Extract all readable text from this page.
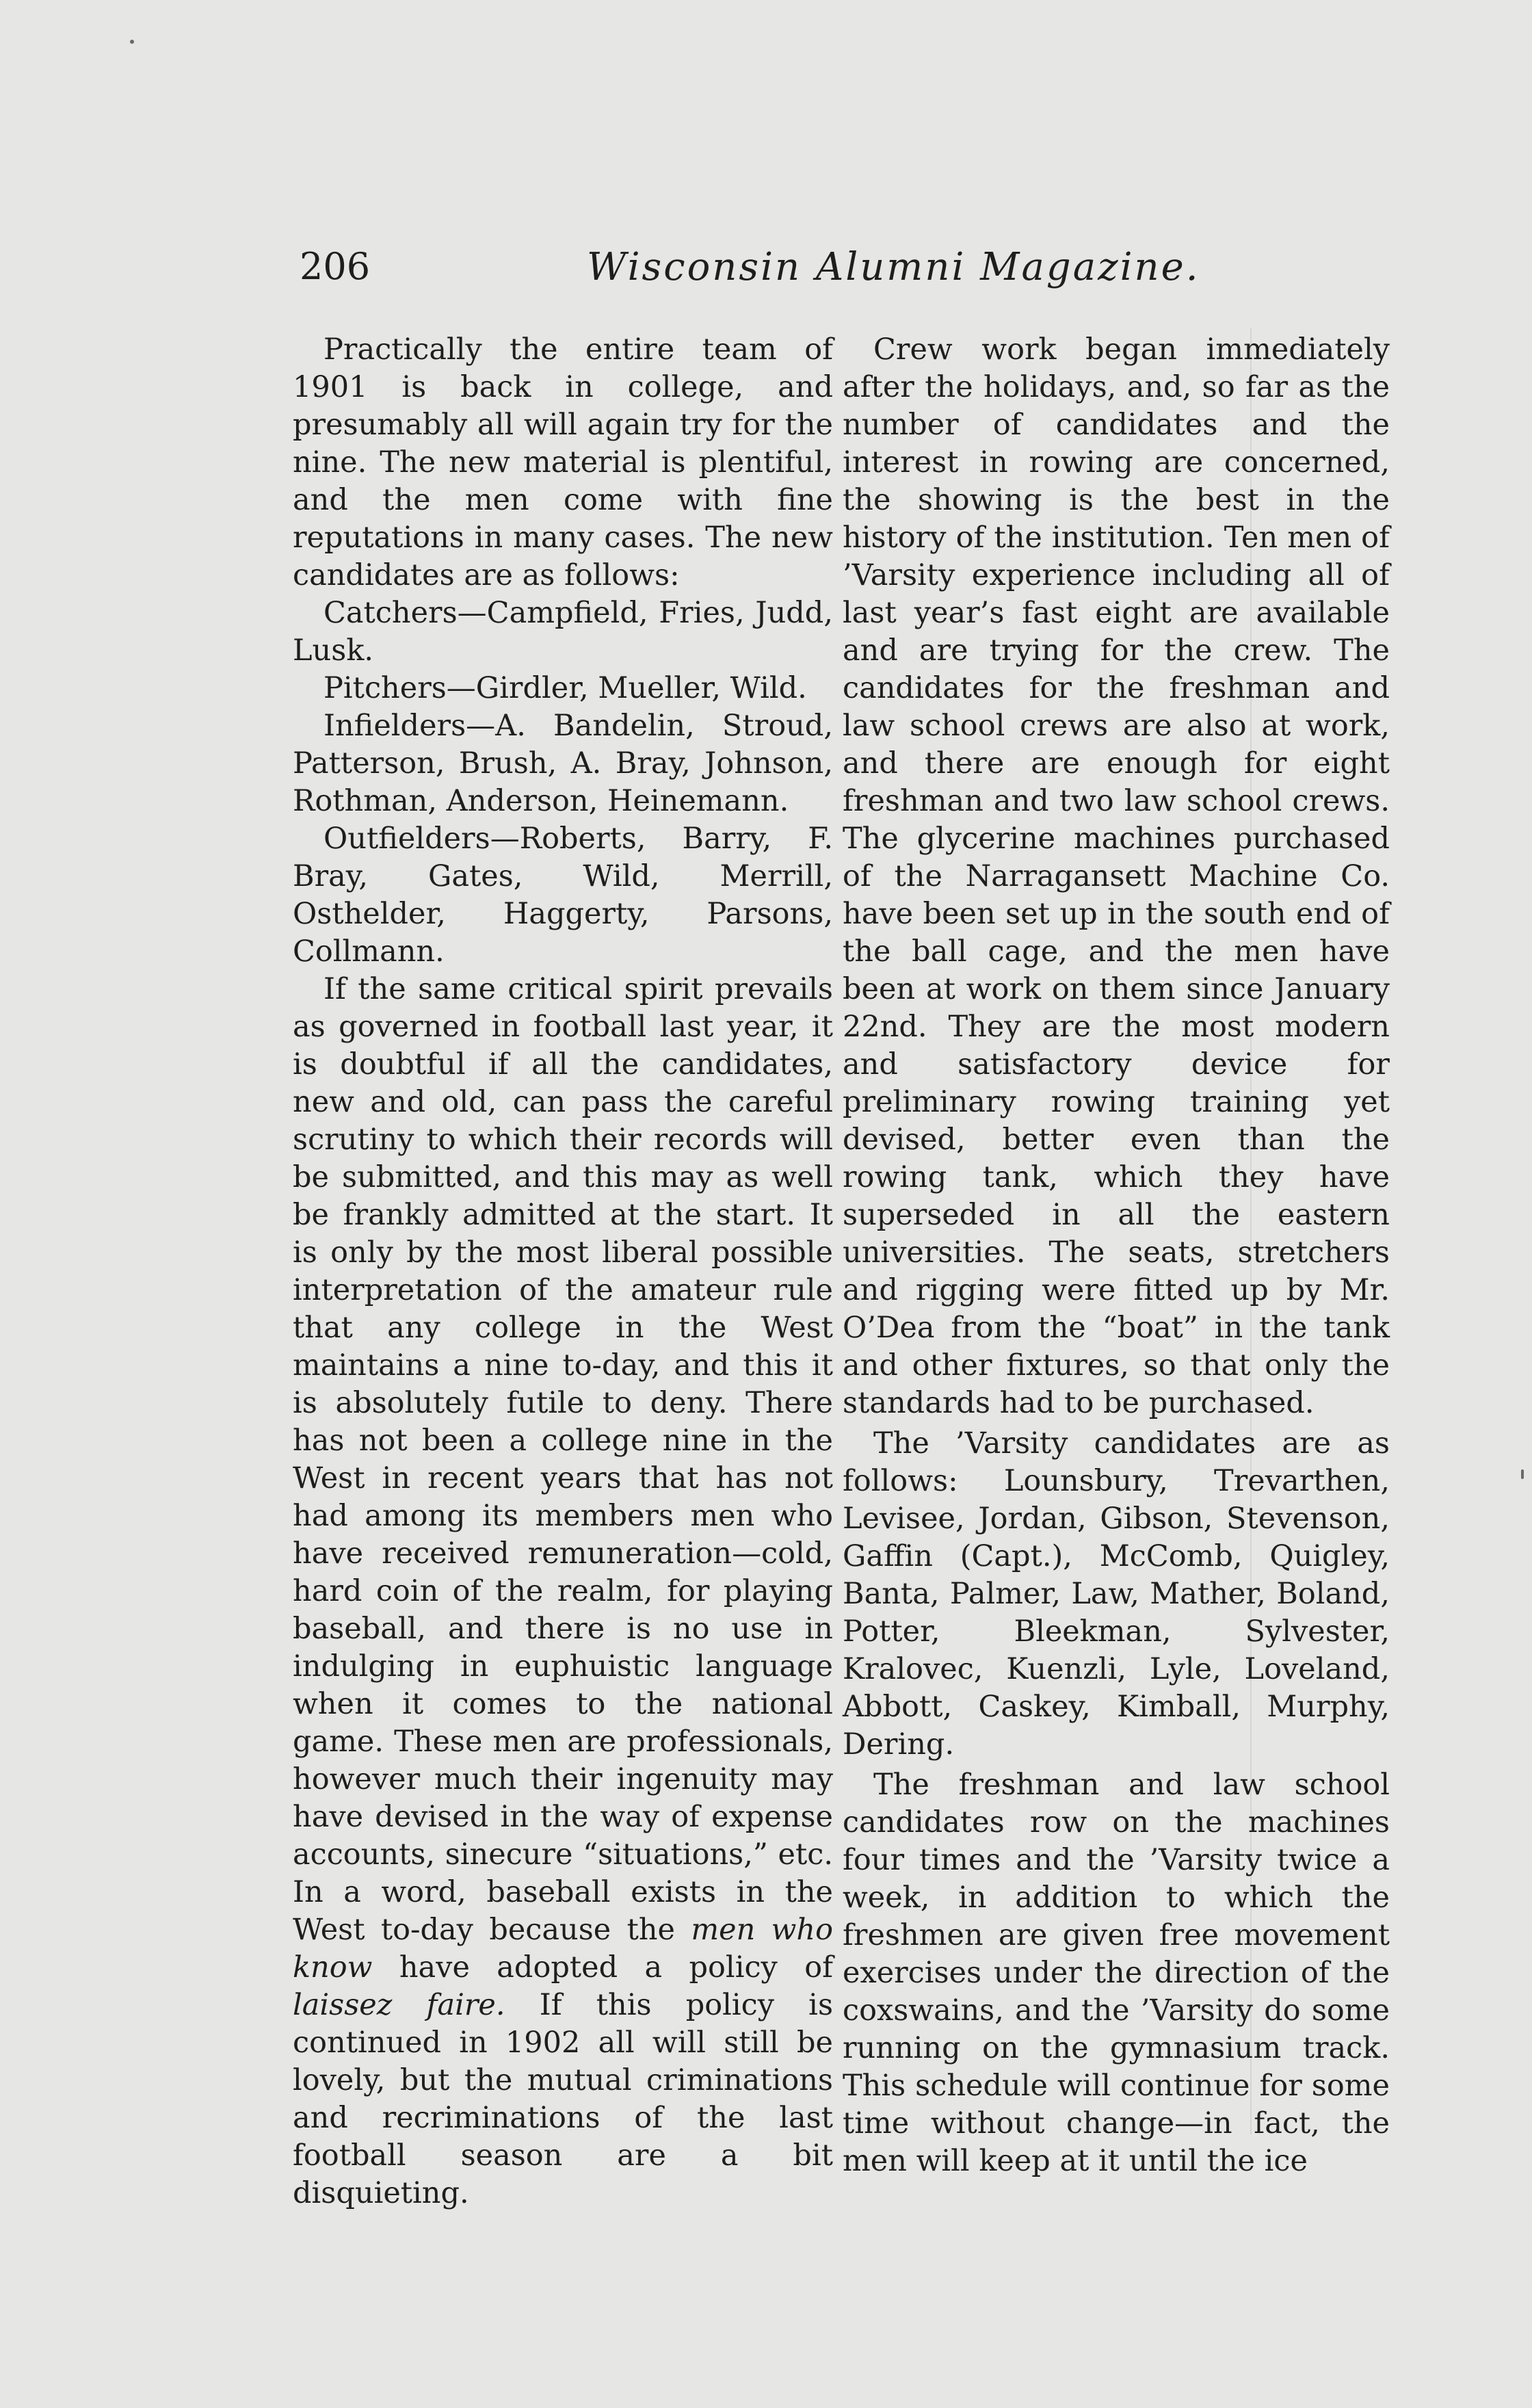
206	Wisconsin Alumni Magazine.

Practically the entire team of 1901 is back in college, and presumably all will again try for the nine. The new material is plentiful, and the men come with fine reputations in many cases. The new candidates are as follows:

Catchers—Campfield, Fries, Judd, Lusk.

Pitchers—Girdler, Mueller, Wild.

Infielders—A. Bandelin, Stroud, Patterson, Brush, A. Bray, Johnson, Rothman, Anderson, Heinemann.

Outfielders—Roberts, Barry, F. Bray, Gates, Wild, Merrill, Osthelder, Haggerty, Parsons, Collmann.

If the same critical spirit prevails as governed in football last year, it is doubtful if all the candidates, new and old, can pass the careful scrutiny to which their records will be submitted, and this may as well be frankly admitted at the start. It is only by the most liberal possible interpretation of the amateur rule that any college in the West maintains a nine to-day, and this it is absolutely futile to deny. There has not been a college nine in the West in recent years that has not had among its members men who have received remuneration—cold, hard coin of the realm, for playing baseball, and there is no use in indulging in euphuistic language when it comes to the national game. These men are professionals, however much their ingenuity may have devised in the way of expense accounts, sinecure “situations,” etc. In a word, baseball exists in the West to-day because the men who know have adopted a policy of laissez faire. If this policy is continued in 1902 all will still be lovely, but the mutual criminations and recriminations of the last football season are a bit disquieting.

Crew work began immediately after the holidays, and, so far as the number of candidates and the interest in rowing are concerned, the showing is the best in the history of the institution. Ten men of ’Varsity experience including all of last year’s fast eight are available and are trying for the crew. The candidates for the freshman and law school crews are also at work, and there are enough for eight freshman and two law school crews. The glycerine machines purchased of the Narragansett Machine Co. have been set up in the south end of the ball cage, and the men have been at work on them since January 22nd. They are the most modern and satisfactory device for preliminary rowing training yet devised, better even than the rowing tank, which they have superseded in all the eastern universities. The seats, stretchers and rigging were fitted up by Mr. O’Dea from the “boat” in the tank and other fixtures, so that only the standards had to be purchased.

The ’Varsity candidates are as follows: Lounsbury, Trevarthen, Levisee, Jordan, Gibson, Stevenson, Gaffin (Capt.), McComb, Quigley, Banta, Palmer, Law, Mather, Boland, Potter, Bleekman, Sylvester, Kralovec, Kuenzli, Lyle, Loveland, Abbott, Caskey, Kimball, Murphy, Dering.

The freshman and law school candidates row on the machines four times and the ’Varsity twice a week, in addition to which the freshmen are given free movement exercises under the direction of the coxswains, and the ’Varsity do some running on the gymnasium track. This schedule will continue for some time without change—in fact, the men will keep at it until the ice
